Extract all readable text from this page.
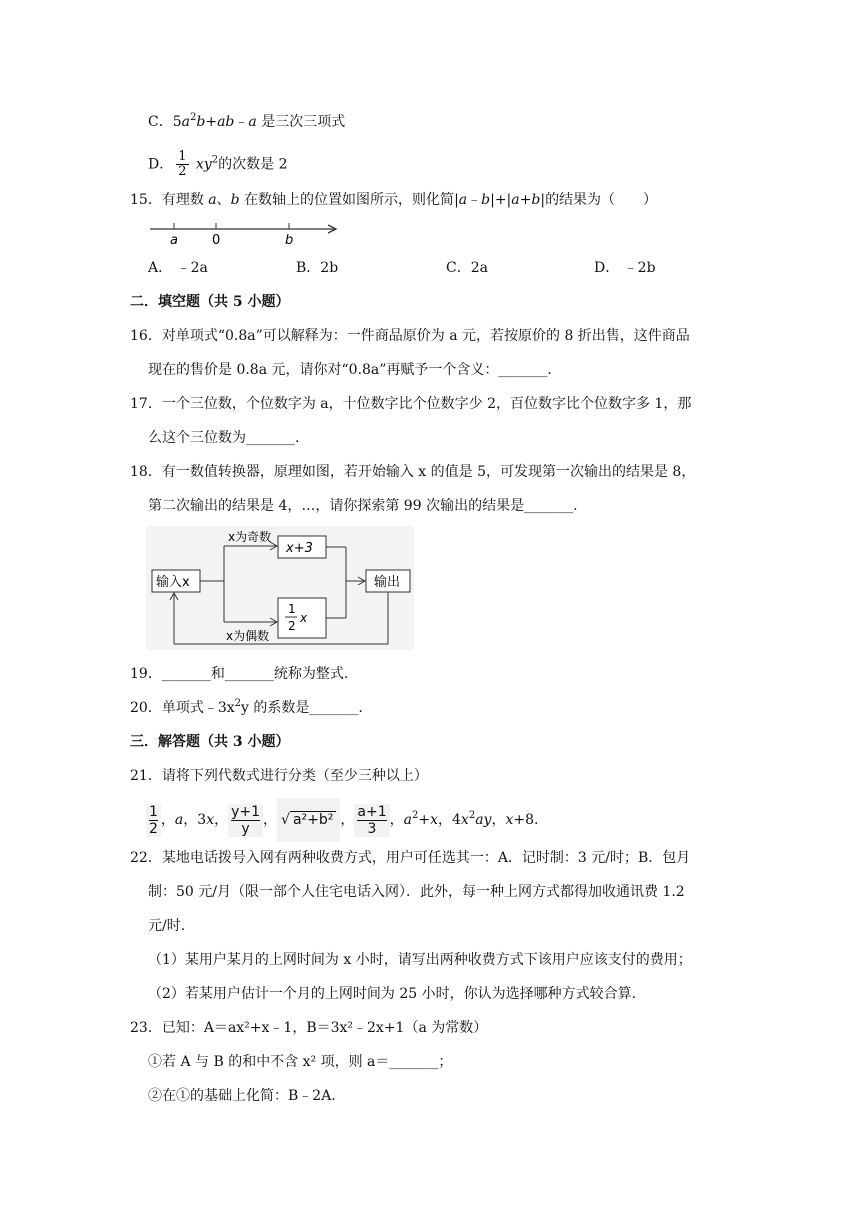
C．$5a^2b+ab﹣a$ 是三次三项式
D． $\frac{1}{2} xy^2$的次数是 2
15．有理数 a、b 在数轴上的位置如图所示，则化简|a﹣b|+|a+b|的结果为（　　）
a	0	b
A． ﹣2a	B．2b	C．2a	D． ﹣2b
二．填空题（共 5 小题）
16．对单项式“0.8a”可以解释为：一件商品原价为 a 元，若按原价的 8 折出售，这件商品
现在的售价是 0.8a 元，请你对“0.8a”再赋予一个含义：_______.
17．一个三位数，个位数字为 a，十位数字比个位数字少 2，百位数字比个位数字多 1，那
么这个三位数为_______.
18．有一数值转换器，原理如图，若开始输入 x 的值是 5，可发现第一次输出的结果是 8，
第二次输出的结果是 4，…，请你探索第 99 次输出的结果是_______.
输入x
x为奇数
x为偶数
x+3
1
2
x
输出
19．_______和_______统称为整式.
20．单项式$﹣3x^2y$ 的系数是_______.
三．解答题（共 3 小题）
21．请将下列代数式进行分类（至少三种以上）
$\frac{1}{2}$ ，a，3x， $\frac{y+1}{y}$ ， √ a²+b² ， $\frac{a+1}{3}$ ，$a^2+x$，$4x^2ay$，x+8.
22．某地电话拨号入网有两种收费方式，用户可任选其一：A．记时制：3 元/时；B．包月
制：50 元/月（限一部个人住宅电话入网）．此外，每一种上网方式都得加收通讯费 1.2
元/时.
（1）某用户某月的上网时间为 x 小时，请写出两种收费方式下该用户应该支付的费用；
（2）若某用户估计一个月的上网时间为 25 小时，你认为选择哪种方式较合算.
23．已知：A＝ax²+x﹣1，B＝3x²﹣2x+1（a 为常数）
①若 A 与 B 的和中不含 x² 项，则 a＝_______；
②在①的基础上化简：B﹣2A.
